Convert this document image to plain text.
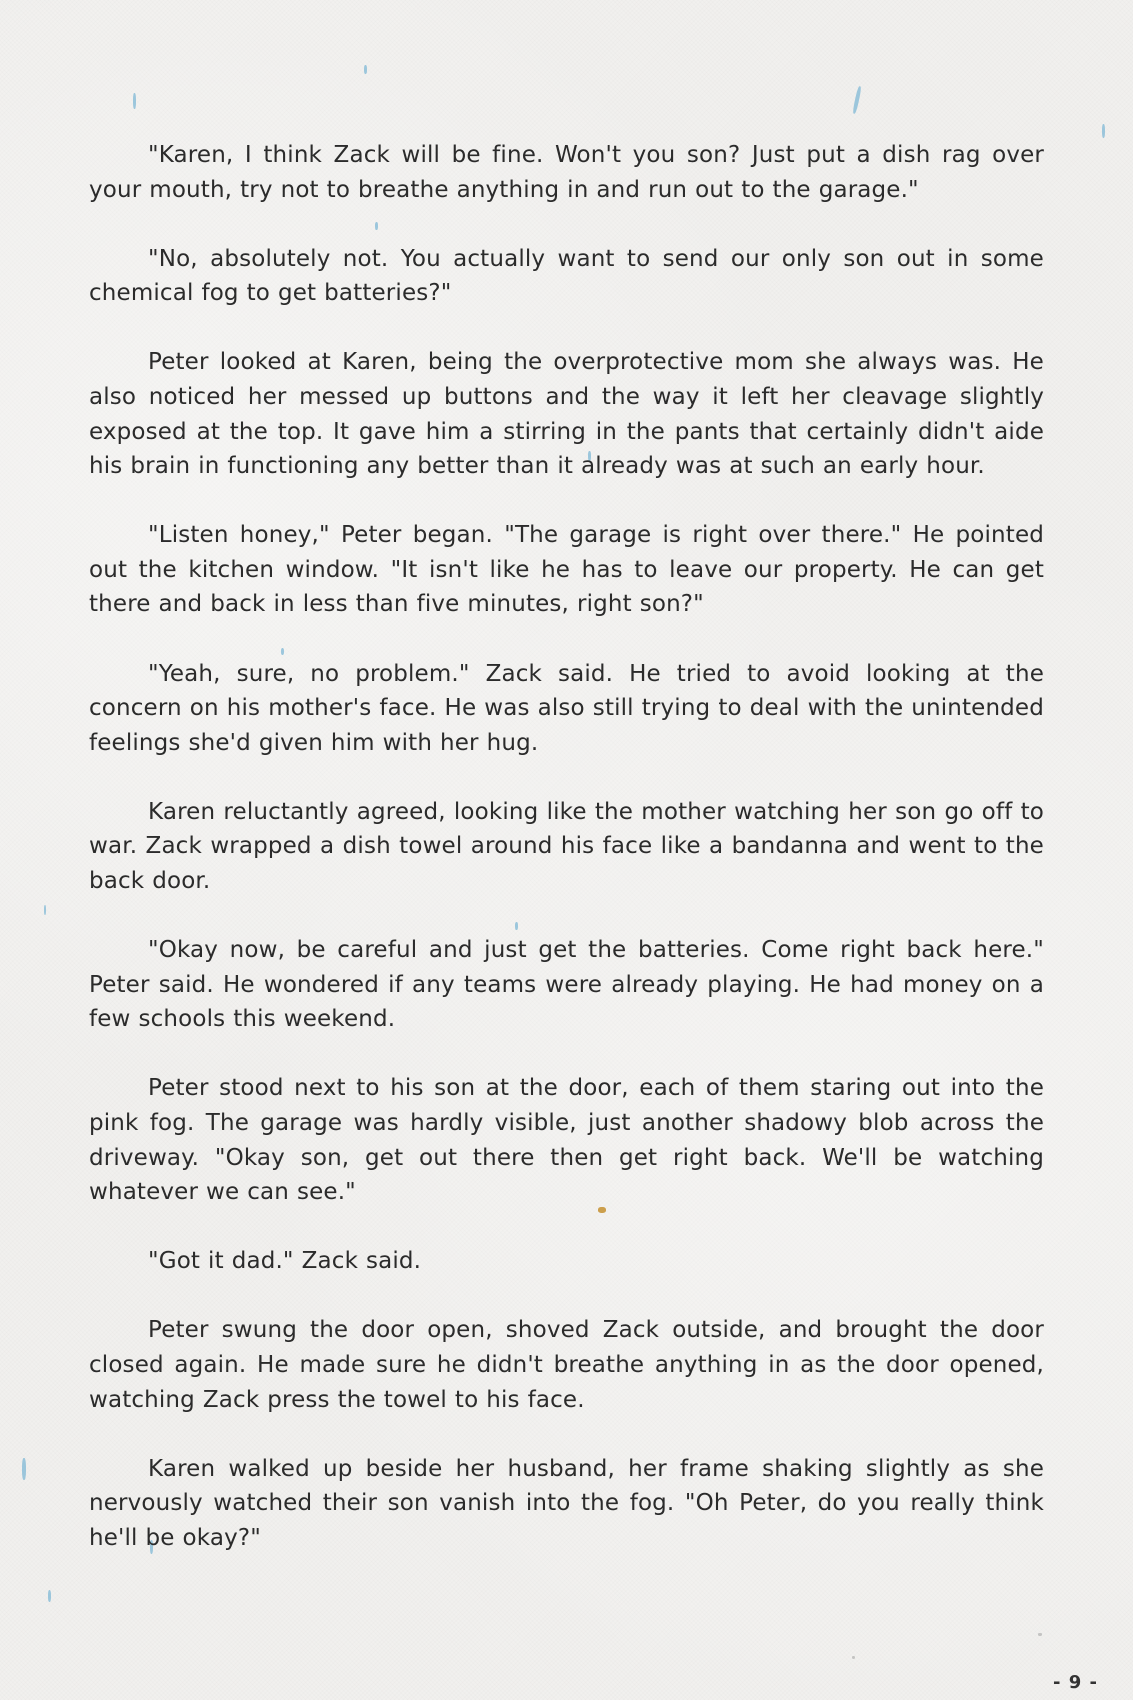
"Karen, I think Zack will be fine. Won't you son? Just put a dish rag over your mouth, try not to breathe anything in and run out to the garage."

"No, absolutely not. You actually want to send our only son out in some chemical fog to get batteries?"

Peter looked at Karen, being the overprotective mom she always was. He also noticed her messed up buttons and the way it left her cleavage slightly exposed at the top. It gave him a stirring in the pants that certainly didn't aide his brain in functioning any better than it already was at such an early hour.

"Listen honey," Peter began. "The garage is right over there." He pointed out the kitchen window. "It isn't like he has to leave our property. He can get there and back in less than five minutes, right son?"

"Yeah, sure, no problem." Zack said. He tried to avoid looking at the concern on his mother's face. He was also still trying to deal with the unintended feelings she'd given him with her hug.

Karen reluctantly agreed, looking like the mother watching her son go off to war. Zack wrapped a dish towel around his face like a bandanna and went to the back door.

"Okay now, be careful and just get the batteries. Come right back here." Peter said. He wondered if any teams were already playing. He had money on a few schools this weekend.

Peter stood next to his son at the door, each of them staring out into the pink fog. The garage was hardly visible, just another shadowy blob across the driveway. "Okay son, get out there then get right back. We'll be watching whatever we can see."

"Got it dad." Zack said.

Peter swung the door open, shoved Zack outside, and brought the door closed again. He made sure he didn't breathe anything in as the door opened, watching Zack press the towel to his face.

Karen walked up beside her husband, her frame shaking slightly as she nervously watched their son vanish into the fog. "Oh Peter, do you really think he'll be okay?"

- 9 -
